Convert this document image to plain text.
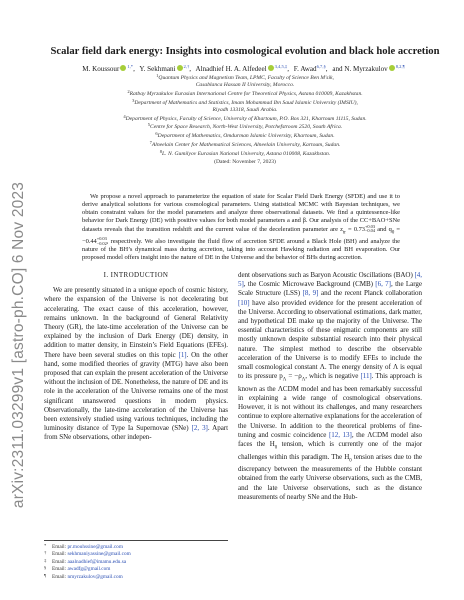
arXiv:2311.03299v1 [astro-ph.CO] 6 Nov 2023
Scalar field dark energy: Insights into cosmological evolution and black hole accretion
M. Koussour $^{1,*}$, Y. Sekhmani $^{2,\dagger}$, Alnadhief H. A. Alfedeel $^{3,4,5,\ddagger}$, F. Awad$^{6,7,\S}$, and N. Myrzakulov $^{8,2,\P}$
$^1$Quantum Physics and Magnetism Team, LPMC, Faculty of Science Ben M'sik,
Casablanca Hassan II University, Morocco.
$^2$Ratbay Myrzakulov Eurasian International Centre for Theoretical Physics, Astana 010009, Kazakhstan.
$^3$Department of Mathematics and Statistics, Imam Mohammad Ibn Saud Islamic University (IMSIU),
Riyadh 13318, Saudi Arabia.
$^4$Department of Physics, Faculty of Science, University of Khartoum, P.O. Box 321, Khartoum 11115, Sudan.
$^5$Centre for Space Research, North-West University, Potchefstroom 2520, South Africa.
$^6$Department of Mathematics, Omdurman Islamic University, Khartoum, Sudan.
$^7$Alneelain Center for Mathematical Sciences, Alneelain University, Kartoum, Sudan.
$^8$L. N. Gumilyov Eurasian National University, Astana 010008, Kazakhstan.
(Dated: November 7, 2023)
We propose a novel approach to parameterize the equation of state for Scalar Field Dark Energy (SFDE) and use it to derive analytical solutions for various cosmological parameters. Using statistical MCMC with Bayesian techniques, we obtain constraint values for the model parameters and analyze three observational datasets. We find a quintessence-like behavior for Dark Energy (DE) with positive values for both model parameters a and β. Our analysis of the CC+BAO+SNe datasets reveals that the transition redshift and the current value of the deceleration parameter are $z_{tr} = 0.73 +0.03$
−0.04 and $q_0 = -0.44 +0.03$
−0.02 , respectively. We also investigate the fluid flow of accretion SFDE around a Black Hole (BH) and analyze the nature of the BH’s dynamical mass during accretion, taking into account Hawking radiation and BH evaporation. Our proposed model offers insight into the nature of DE in the Universe and the behavior of BHs during accretion.
I. INTRODUCTION

We are presently situated in a unique epoch of cosmic history, where the expansion of the Universe is not decelerating but accelerating. The exact cause of this acceleration, however, remains unknown. In the background of General Relativity Theory (GR), the late-time acceleration of the Universe can be explained by the inclusion of Dark Energy (DE) density, in addition to matter density, in Einstein’s Field Equations (EFEs). There have been several studies on this topic [1]. On the other hand, some modified theories of gravity (MTG) have also been proposed that can explain the present acceleration of the Universe without the inclusion of DE. Nonetheless, the nature of DE and its role in the acceleration of the Universe remains one of the most significant unanswered questions in modern physics. Observationally, the late-time acceleration of the Universe has been extensively studied using various techniques, including the luminosity distance of Type Ia Supernovae (SNe) [2, 3]. Apart from SNe observations, other indepen-

dent observations such as Baryon Acoustic Oscillations (BAO) [4, 5], the Cosmic Microwave Background (CMB) [6, 7], the Large Scale Structure (LSS) [8, 9] and the recent Planck collaboration [10] have also provided evidence for the present acceleration of the Universe. According to observational estimations, dark matter, and hypothetical DE make up the majority of the Universe. The essential characteristics of these enigmatic components are still mostly unknown despite substantial research into their physical nature. The simplest method to describe the observable acceleration of the Universe is to modify EFEs to include the small cosmological constant Λ. The energy density of Λ is equal to its pressure $p_\Lambda = -\rho_\Lambda$, which is negative [11]. This approach is known as the ΛCDM model and has been remarkably successful in explaining a wide range of cosmological observations. However, it is not without its challenges, and many researchers continue to explore alternative explanations for the acceleration of the Universe. In addition to the theoretical problems of fine-tuning and cosmic coincidence [12, 13], the ΛCDM model also faces the $H_0$ tension, which is currently one of the major challenges within this paradigm. The $H_0$ tension arises due to the discrepancy between the measurements of the Hubble constant obtained from the early Universe observations, such as the CMB, and the late Universe observations, such as the distance measurements of nearby SNe and the Hub-

* Email: pr.mouhssine@gmail.com
† Email: sekhmaniyassine@gmail.com
‡ Email: aaalnadhief@imamu.edu.sa
§ Email: awadfg@gmail.com
¶ Email: nmyrzakulov@gmail.com
